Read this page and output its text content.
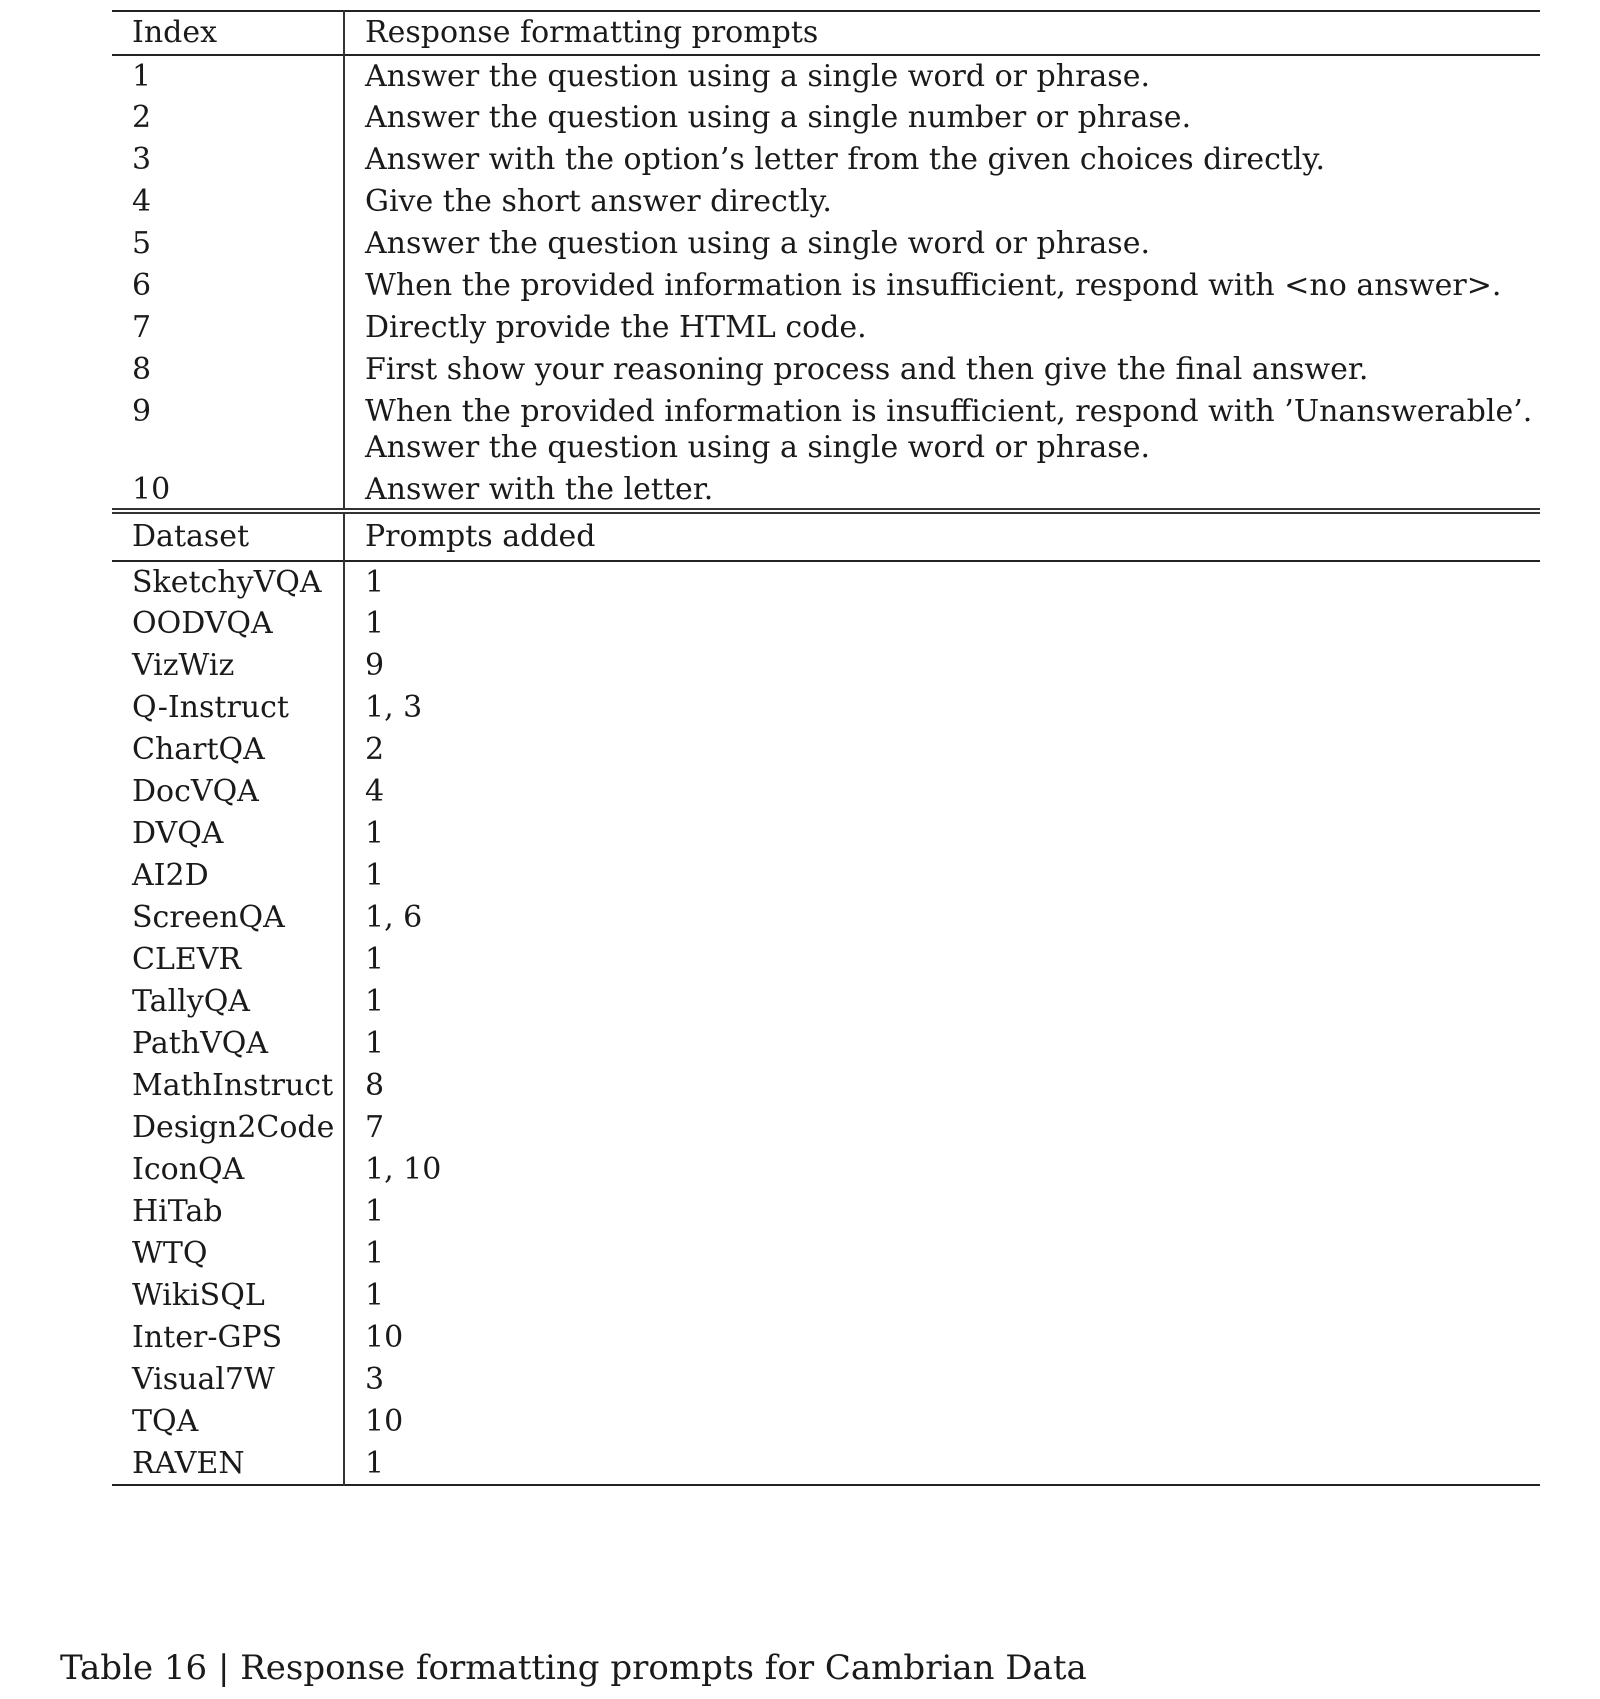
Index	Response formatting prompts
1	Answer the question using a single word or phrase.

2	Answer the question using a single number or phrase.

3	Answer with the option’s letter from the given choices directly.

4	Give the short answer directly.

5	Answer the question using a single word or phrase.

6	When the provided information is insufficient, respond with <no answer>.

7	Directly provide the HTML code.

8	First show your reasoning process and then give the final answer.

9	When the provided information is insufficient, respond with ’Unanswerable’.
Answer the question using a single word or phrase.

10	Answer with the letter.

Dataset	Prompts added
SketchyVQA	1
OODVQA	1
VizWiz	9
Q-Instruct	1, 3
ChartQA	2
DocVQA	4
DVQA	1
AI2D	1
ScreenQA	1, 6
CLEVR	1
TallyQA	1
PathVQA	1
MathInstruct	8
Design2Code	7
IconQA	1, 10
HiTab	1
WTQ	1
WikiSQL	1
Inter-GPS	10
Visual7W	3
TQA	10
RAVEN	1
Table 16 | Response formatting prompts for Cambrian Data
